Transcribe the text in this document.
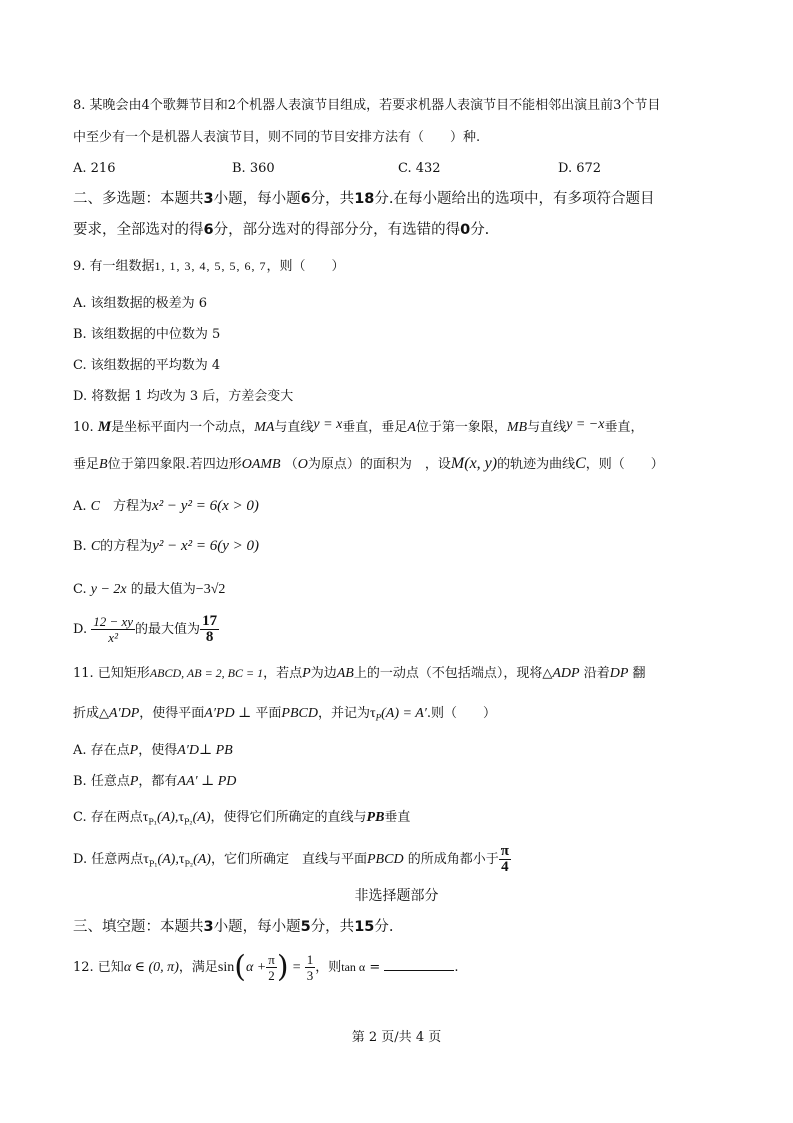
8. 某晚会由4个歌舞节目和2个机器人表演节目组成，若要求机器人表演节目不能相邻出演且前3个节目
中至少有一个是机器人表演节目，则不同的节目安排方法有（　　）种.
A. 216	B. 360	C. 432	D. 672
二、多选题：本题共3小题，每小题6分，共18分.在每小题给出的选项中，有多项符合题目
要求，全部选对的得6分，部分选对的得部分分，有选错的得0分.
9. 有一组数据1, 1, 3, 4, 5, 5, 6, 7，则（　　）
A. 该组数据的极差为 6
B. 该组数据的中位数为 5
C. 该组数据的平均数为 4
D. 将数据 1 均改为 3 后，方差会变大
10. M是坐标平面内一个动点，MA与直线y = x垂直，垂足A位于第一象限，MB与直线y = −x垂直，
垂足B位于第四象限.若四边形OAMB （O为原点）的面积为　，设M(x, y)的轨迹为曲线C，则（　　）
A. C　方程为x² − y² = 6(x > 0)
B. C的方程为y² − x² = 6(y > 0)
C. y − 2x 的最大值为−3√2
D. $\frac{12 - xy}{\text{x²}}$ 的最大值为 $\frac{17}{8}$
11. 已知矩形ABCD, AB = 2, BC = 1，若点P为边AB上的一动点（不包括端点），现将△ADP 沿着DP 翻
折成△A′DP，使得平面A′PD ⊥ 平面PBCD，并记为$\tau_P(A) = A'$.则（　　）
A. 存在点P，使得A′D⊥ PB
B. 任意点P，都有AA′ ⊥ PD
C. 存在两点$\tau_{P_1}(A),\tau_{P_2}(A)$，使得它们所确定的直线与PB垂直
D. 任意两点$\tau_{P_1}(A),\tau_{P_2}(A)$，它们所确定　直线与平面PBCD 的所成角都小于 $\frac{\pi}{4}$
非选择题部分
三、填空题：本题共3小题，每小题5分，共15分.
12. 已知α ∈ (0, π)，满足$\sin(\alpha + \frac{\pi}{2}$ ) = $\frac{1}{3}$ ，则tan α =	.
第 2 页/共 4 页
